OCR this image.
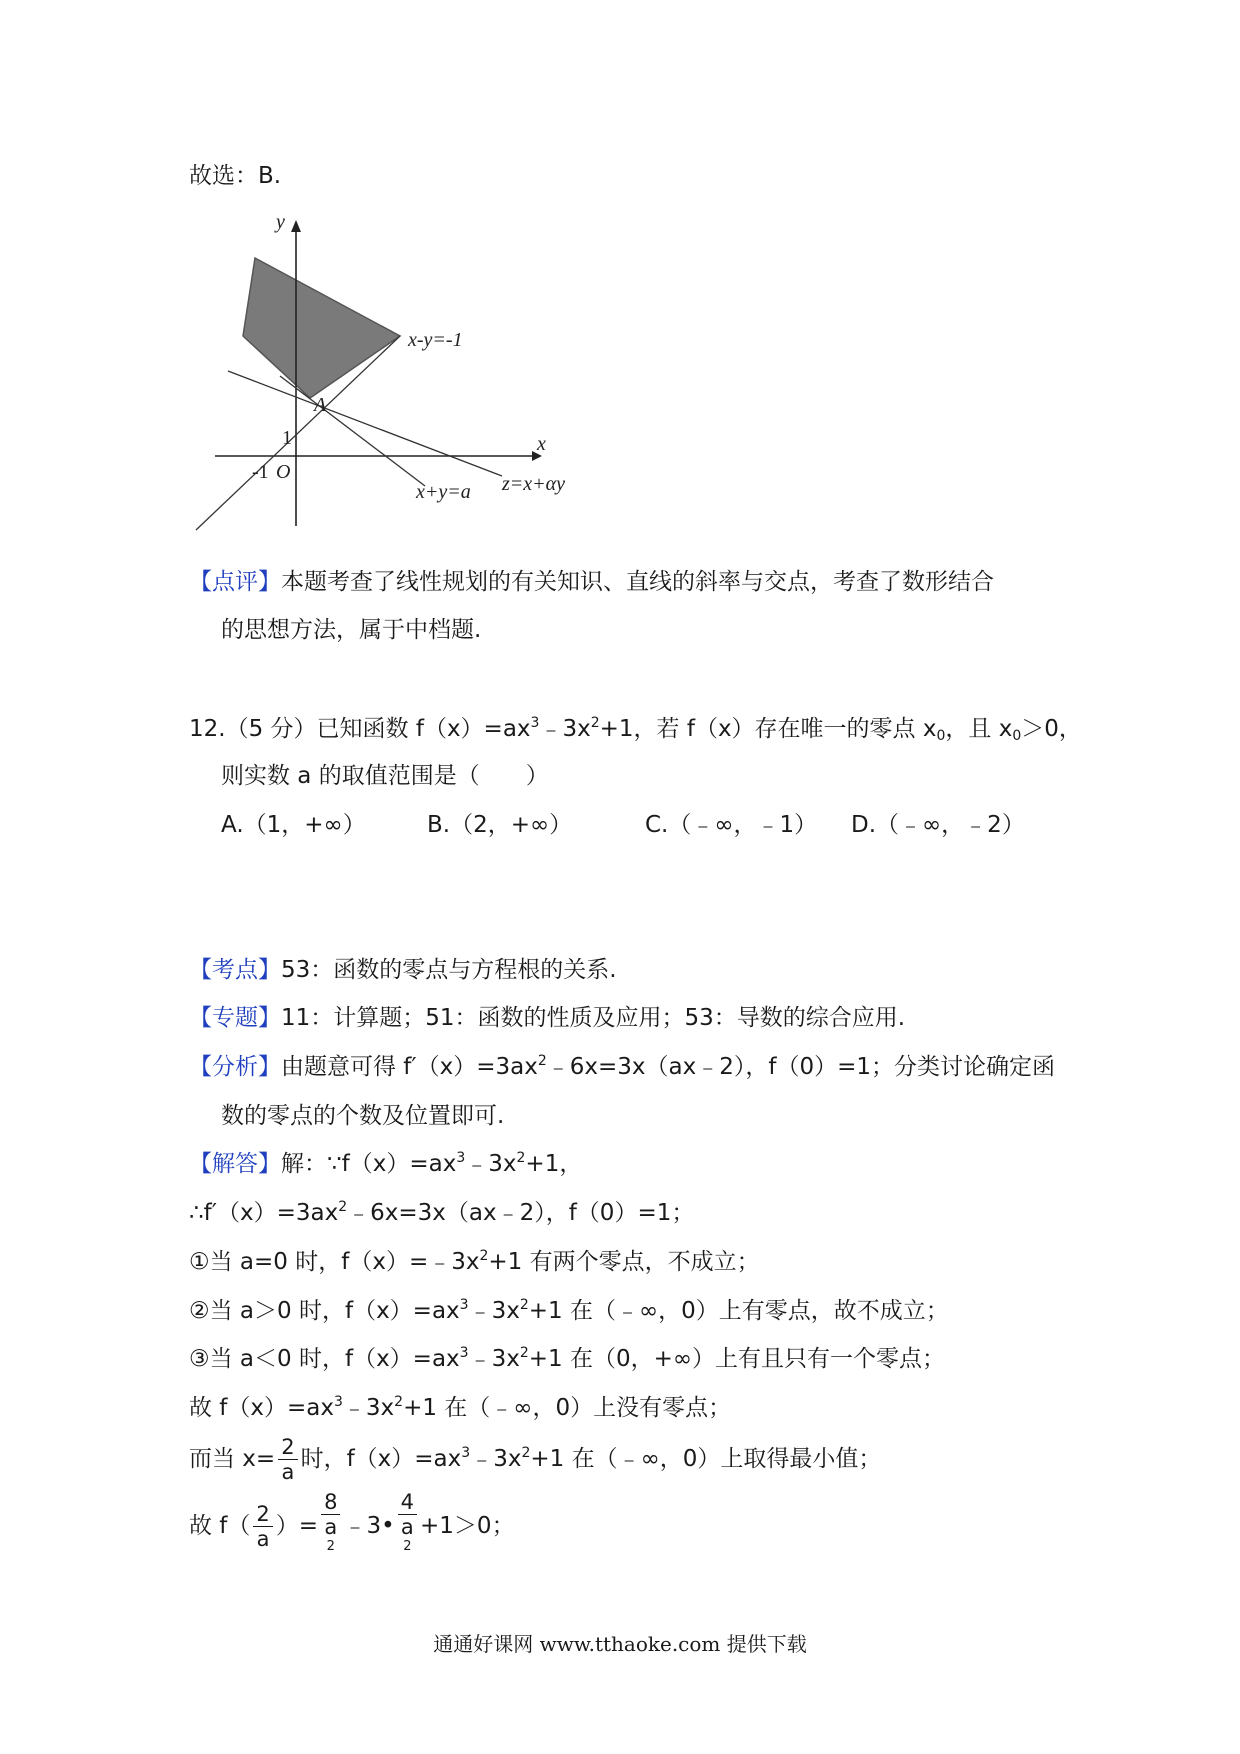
故选：B.
y
x
O
1
-1
A
x-y=-1
x+y=a z=x+αy
【点评】本题考查了线性规划的有关知识、直线的斜率与交点，考查了数形结合
的思想方法，属于中档题.
12.（5 分）已知函数 $f(x)=ax^3﹣3x^2+1$，若 f（x）存在唯一的零点 $x_0$，且 $x_0>0$，
则实数 a 的取值范围是（　　）
A.（1，+∞）	B.（2，+∞）	C.（﹣∞，﹣1） D.（﹣∞，﹣2）
【考点】53：函数的零点与方程根的关系.
【专题】11：计算题；51：函数的性质及应用；53：导数的综合应用.
【分析】由题意可得 $f'(x)=3ax^2﹣6x=3x(ax﹣2)$，f（0）=1；分类讨论确定函
数的零点的个数及位置即可.
【解答】解：$\because f(x)=ax^3﹣3x^2+1$，
$\therefore f'(x)=3ax^2﹣6x=3x(ax﹣2)$，f（0）=1；
①当 a=0 时，$f(x)=﹣3x^2+1$ 有两个零点，不成立；
②当 a＞0 时，$f(x)=ax^3﹣3x^2+1$ 在（﹣∞，0）上有零点，故不成立；
③当 a＜0 时，$f(x)=ax^3﹣3x^2+1$ 在（0，+∞）上有且只有一个零点；
故 $f(x)=ax^3﹣3x^2+1$ 在（﹣∞，0）上没有零点；
而当 $x= \frac{2}{a}$ 时，$f(x)=ax^3﹣3x^2+1$ 在（﹣∞，0）上取得最小值；
故 $f( \frac{2}{a}$ ）= 8
a
$^2$ ﹣3• 4
a
$^2$ +1＞0；
通通好课网 www.tthaoke.com 提供下载
